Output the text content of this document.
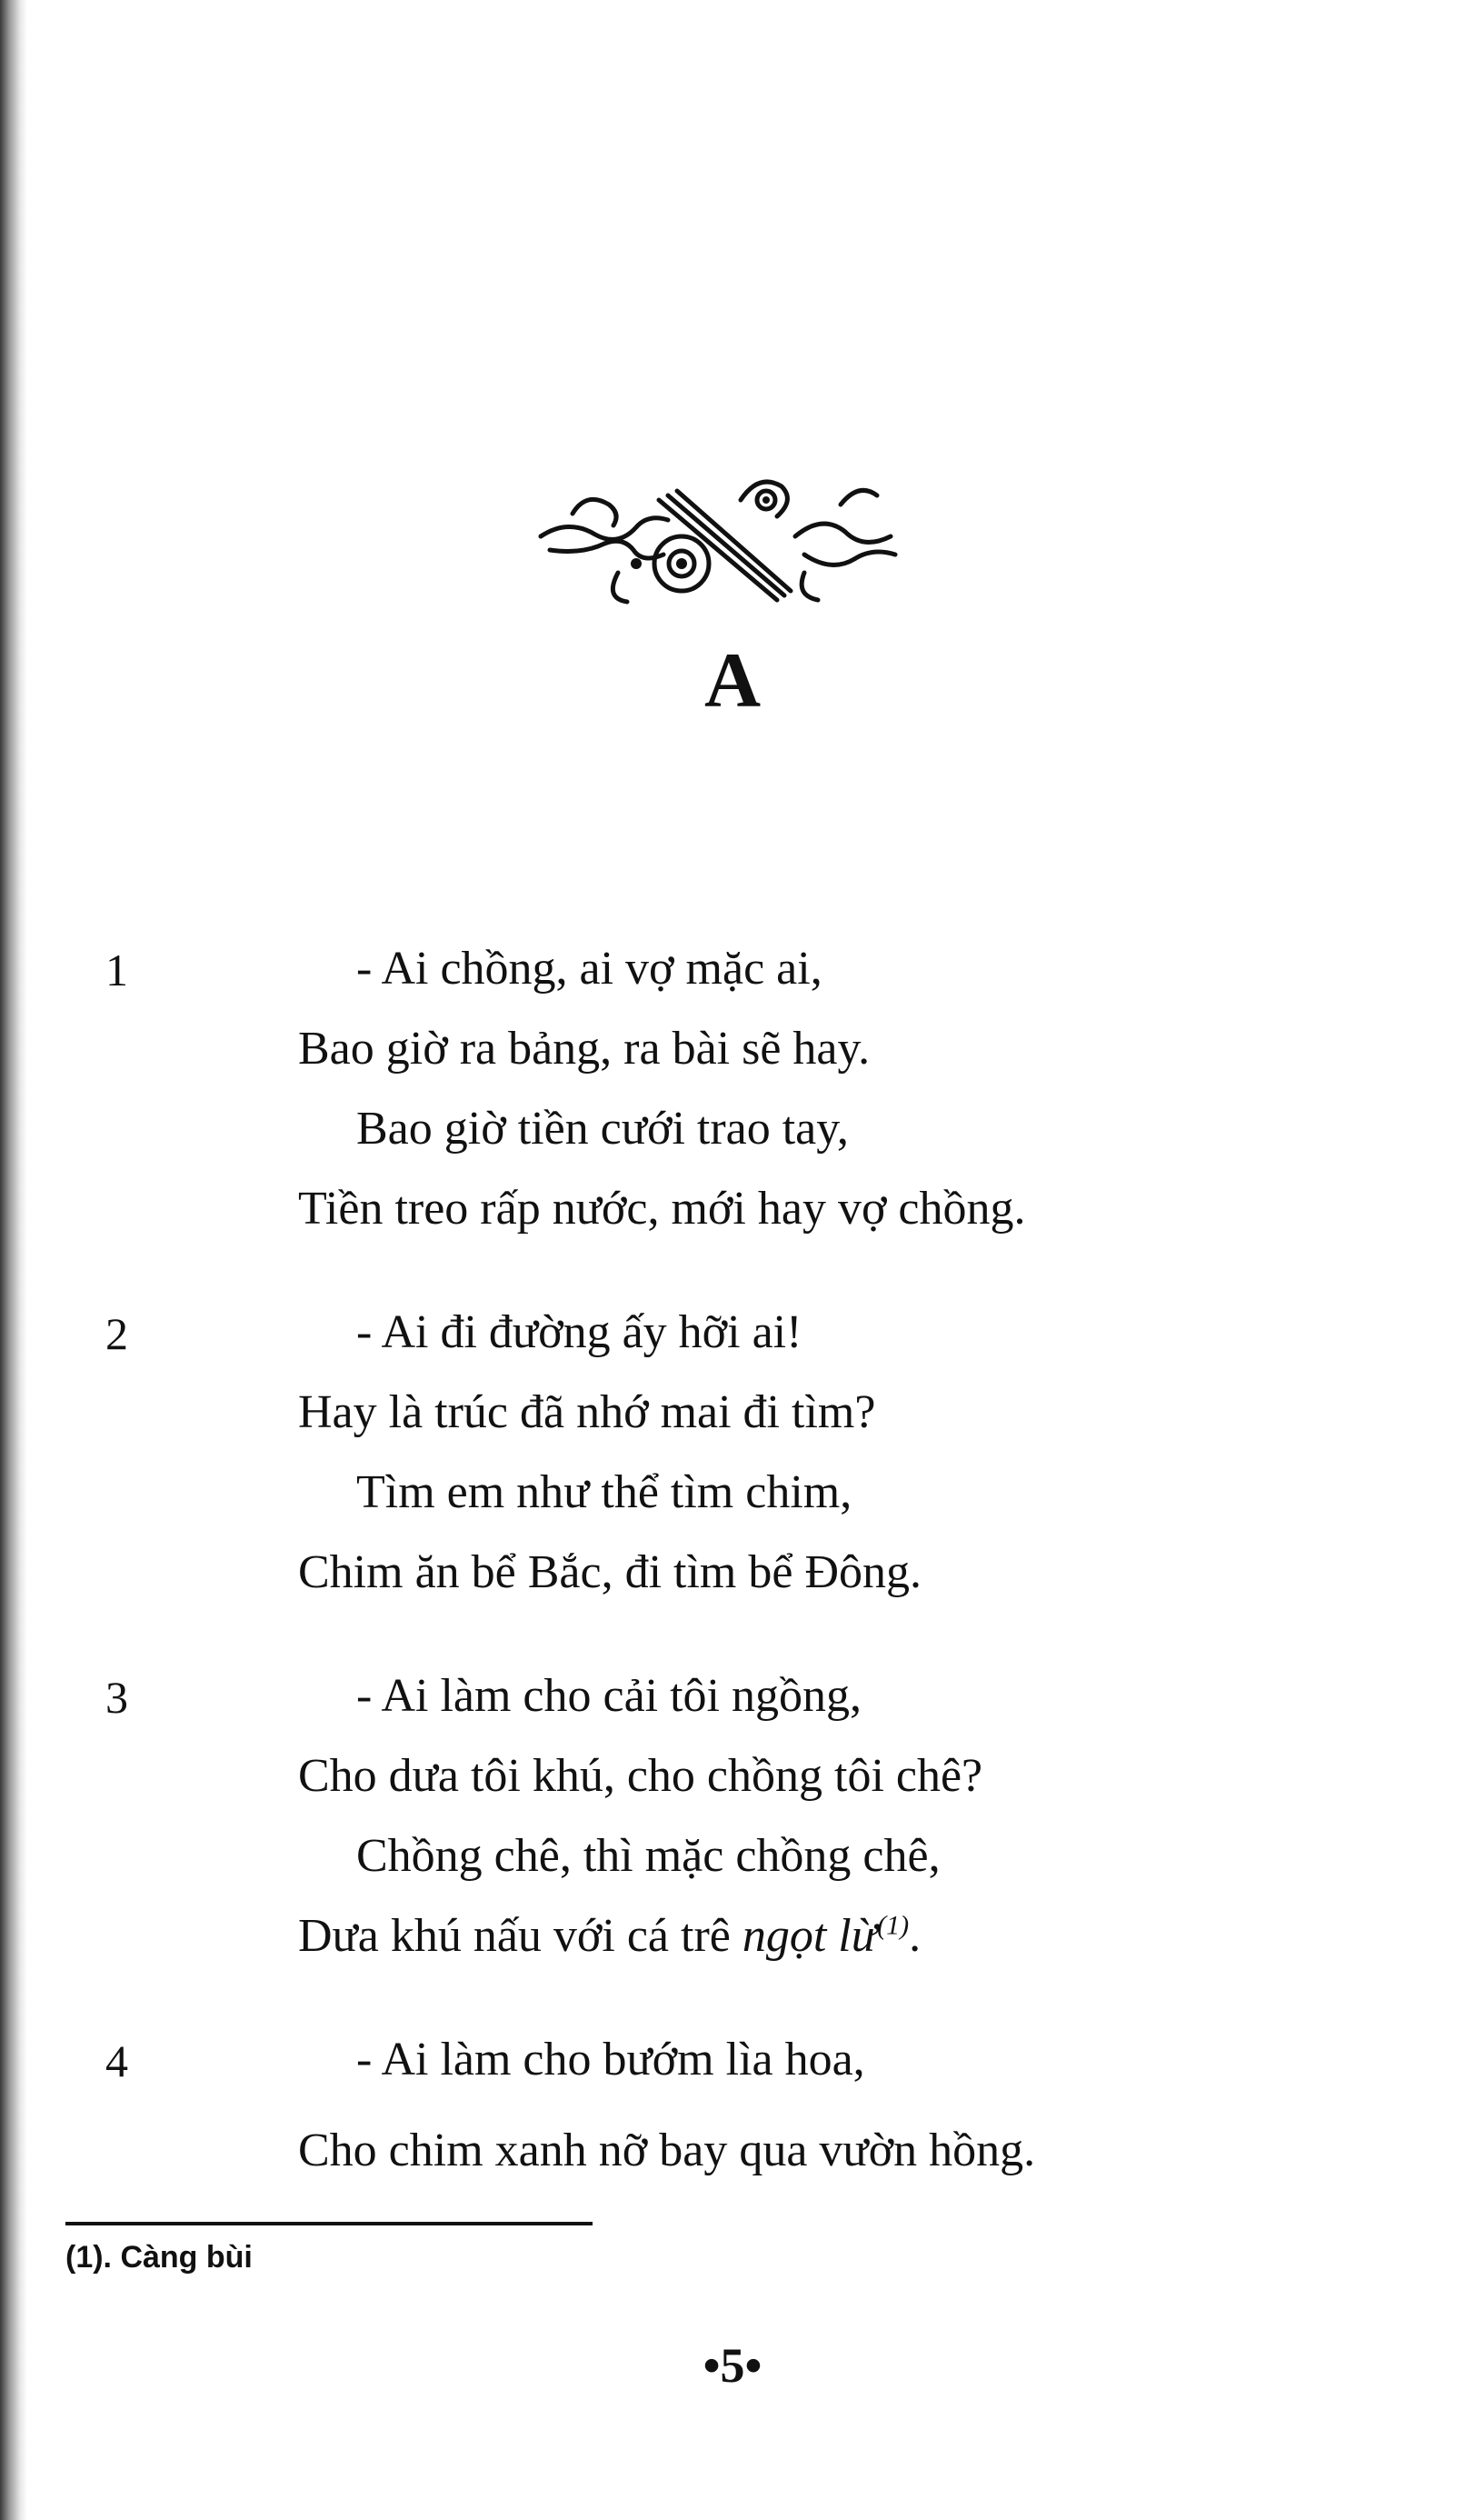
A
1	- Ai chồng, ai vợ mặc ai,
Bao giờ ra bảng, ra bài sẽ hay.
Bao giờ tiền cưới trao tay,
Tiền treo rấp nước, mới hay vợ chồng.
2	- Ai đi đường ấy hỡi ai!
Hay là trúc đã nhớ mai đi tìm?
Tìm em như thể tìm chim,
Chim ăn bể Bắc, đi tìm bể Đông.
3	- Ai làm cho cải tôi ngồng,
Cho dưa tôi khú, cho chồng tôi chê?
Chồng chê, thì mặc chồng chê,
Dưa khú nấu với cá trê ngọt lừ$^{(1)}$.
4	- Ai làm cho bướm lìa hoa,
Cho chim xanh nỡ bay qua vườn hồng.
(1). Càng bùi
•5•
